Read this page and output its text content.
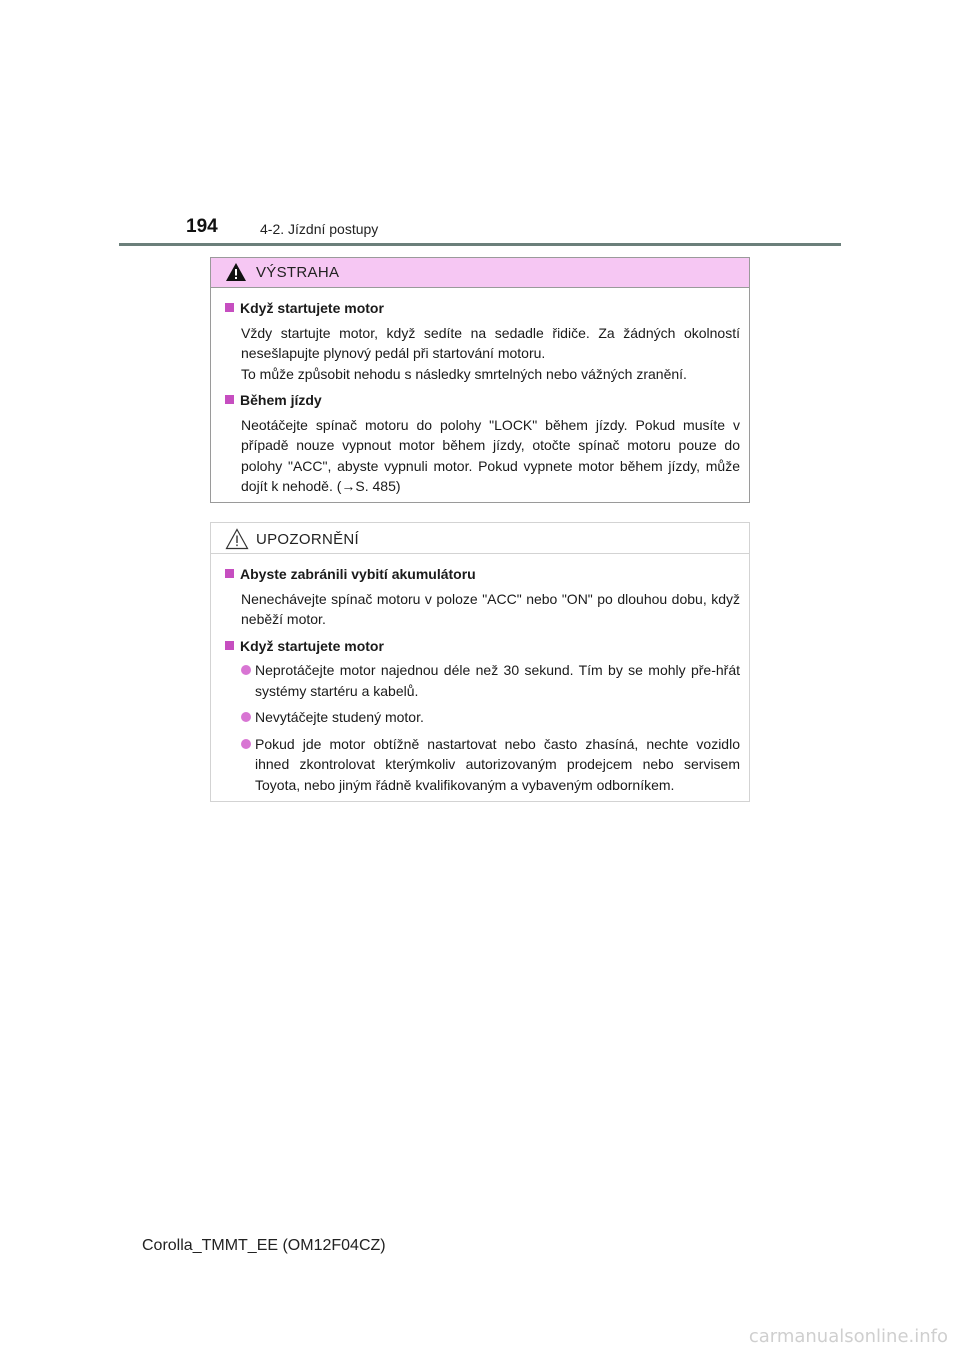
194	4-2. Jízdní postupy
VÝSTRAHA
Když startujete motor
Vždy startujte motor, když sedíte na sedadle řidiče. Za žádných okolností nesešlapujte plynový pedál při startování motoru.
To může způsobit nehodu s následky smrtelných nebo vážných zranění.
Během jízdy
Neotáčejte spínač motoru do polohy "LOCK" během jízdy. Pokud musíte v případě nouze vypnout motor během jízdy, otočte spínač motoru pouze do polohy "ACC", abyste vypnuli motor. Pokud vypnete motor během jízdy, může dojít k nehodě. (→S. 485)
UPOZORNĚNÍ
Abyste zabránili vybití akumulátoru
Nenechávejte spínač motoru v poloze "ACC" nebo "ON" po dlouhou dobu, když neběží motor.
Když startujete motor
Neprotáčejte motor najednou déle než 30 sekund. Tím by se mohly pře-hřát systémy startéru a kabelů.
Nevytáčejte studený motor.
Pokud jde motor obtížně nastartovat nebo často zhasíná, nechte vozidlo ihned zkontrolovat kterýmkoliv autorizovaným prodejcem nebo servisem Toyota, nebo jiným řádně kvalifikovaným a vybaveným odborníkem.
Corolla_TMMT_EE (OM12F04CZ)
carmanualsonline.info
